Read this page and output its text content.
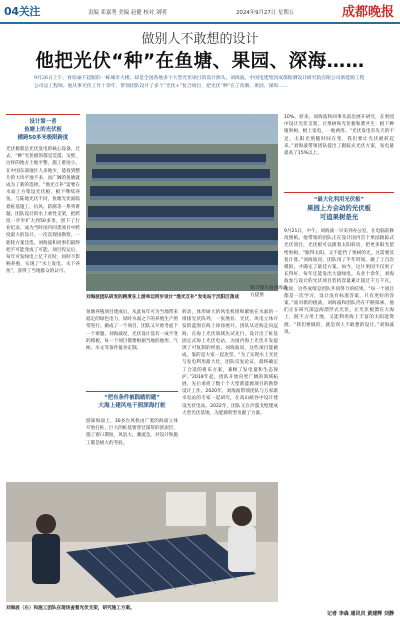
04关注	责编 邓嘉秀 美编 赵健 校对 刘明	2024年9月27日 星期五	成都晚报
做别人不敢想的设计
他把光伏“种”在鱼塘、果园、深海……
9月26日上午，看似毫不起眼的一栋城市大楼，却是全国各地多个大型光伏项目的设计源头。刘海波，中国电建集团成都勘测设计研究院有限公司新能源工程公司总工程师。他从事光伏工作十余年，带领团队设计了多个“光伏+”复合项目，把光伏“种”在了鱼塘、果园、深海……
设计第一者
鱼塘上的光伏板
横跨50多米极限跨度
光伏板就是光伏发电的核心设备，过去，“种”光伏板的都是荒漠、戈壁，这样的地方土地平整，施工难度小。在中国东部地区人多地少，能找到整片的大块平地不多，而广阔的鱼塘就成为了新的选择。“渔光互补”需要在水面上方架设光伏板，板下继续养鱼。与陆地光伏不同，鱼塘光伏面临着桩基施工、抗风、防腐等一系列难题。团队设计的水上柔性支架，把跨度一步步扩大到50多米，创下了行业纪录，成为当时国内同类项目中跨度最大的设计。一次次现场勘察，一轮轮方案比选，刘海波和同事们最终把不可能变成了可能。项目投运后，每年可发绿电上亿千瓦时，同时不影响养殖，实现了“水上发电、水下养鱼”，获得了当地群众的认可。
瑞丰图片由刘海波方提供
刘海波团队研发的跨度在上游单边同步设计“渔光互补”发电站于沉阳区落成
鱼塘养殖项目建成后，从此每年可为当地带来稳定的绿色电力，同时水面之下的养殖生产照常进行。做成了一个项目，团队又开始考虑下一个难题。刘海波说，光伏设计没有一成不变的模板，每一个项目都要根据当地的地形、气候、水文等条件量身定制。
“把有条件被践踏的题”
大海上建风电干照深海打桩
游离海面上，30多台风机由广袤的海面立体开始打桩，巨大的桩基要穿过深厚的淤泥层，施工窗口期短，风浪大、潮流急，对设计和施工都是极大的考验。
转动，体形硕大的风电机组和紧贴在水面的一排排光伏阵列，一张渔业、光伏、风电立体开发的蓝图在海上徐徐展开。团队从近海走向远海，在海上光伏领域先试先行，设计出了桩基固定式海上光伏电站，为国内海上光伏开发提供了可复制的经验。刘海波说，这些项目能做成，靠的是大家一起攻坚。“为了实现水上光伏与发电利用最大化，团队反复论证，最终确定了合适的排布方案，兼顾了发电量和生态保护。”2018年起，团队开始向更广阔的领域拓展，先后承担了数十个大型新能源项目的勘察设计工作。2020年，刘海波带领团队与万家寨水电站的专家一起研究，在高山峡谷中设计建设光伏电站。2022年，团队又在沙漠戈壁建成大型光伏基地，为能源转型贡献了力量。
刘海波（右）和施工团队在现场查看光伏支架，研究施工方案。
10%。原来，刘海波和同事从前沿展开研究，在果园中设计光伏支架，让果树和光伏板和谐共生：板下种植果树、板上发电，一地两用。“光伏发电有先天的不足，太阳光照随时间在变，我们要让光伏板转起来。”刘海波带领团队提出了跟踪式光伏方案，发电量提高了15%以上。
“最大化利用光伏板”
果园上方会动的光伏板
可追果树是光
9月21日，中午，刘海波一早来到办公室，在电脑前修改图纸。他带领的团队正在设计国内首个果园跟踪式光伏项目，光伏板可以跟着太阳转动，把更多阳光留给果树。“跟得太阳，又不能挡了果树的光，这需要反复计算。”刘海波说，团队用了半年时间，做了上百次模拟，才确定了最佳方案。如今，这片果园不仅果子长得好，每年还能发出大量绿电。从业十余年，刘海波参与设计的光伏项目装机容量累计超过千万千瓦。他说，这些成绩是团队共同努力的结果。“每一个项目都是一次学习，设计没有标准答案，只有更好的答案。”面对新的挑战，刘海波和团队仍在不断探索。他们正在研究深远海漂浮式光伏，让光伏板漂在大海上，既不占用土地，又能利用海上丰富的太阳能资源。“我们要做的，就是别人不敢想的设计。”刘海波说。
记者 李森 通讯员 黄建辉 刘静
